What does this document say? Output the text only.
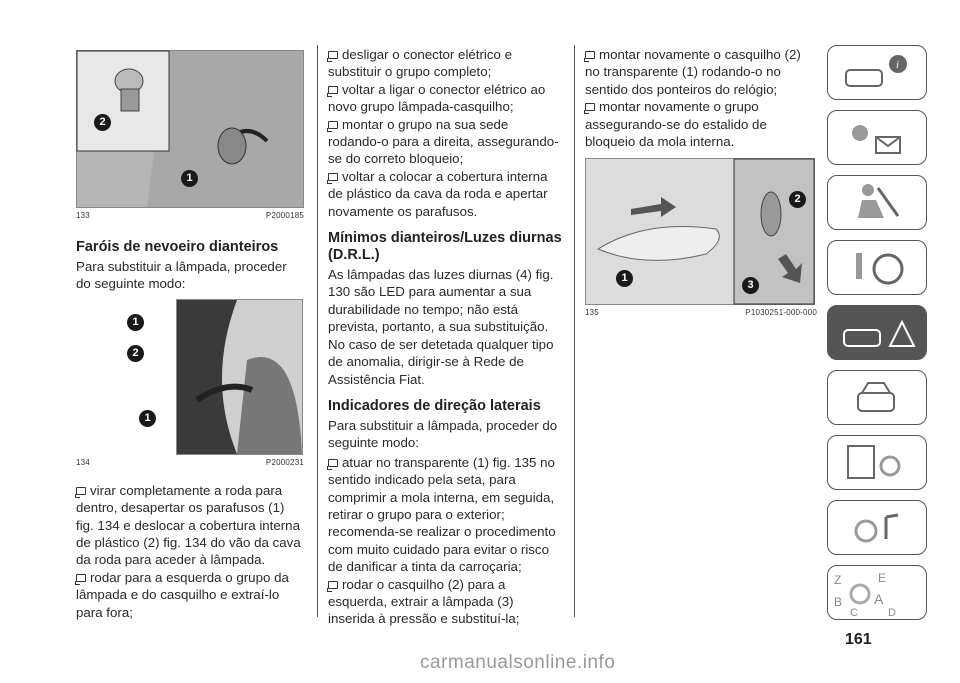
2
1
133	P2000185
Faróis de nevoeiro dianteiros

Para substituir a lâmpada, proceder do seguinte modo:

1
2
1
134	P2000231

virar completamente a roda para dentro, desapertar os parafusos (1) fig. 134 e deslocar a cobertura interna de plástico (2) fig. 134 do vão da cava da roda para aceder à lâmpada.

rodar para a esquerda o grupo da lâmpada e do casquilho e extraí-lo para fora;

desligar o conector elétrico e substituir o grupo completo;

voltar a ligar o conector elétrico ao novo grupo lâmpada-casquilho;

montar o grupo na sua sede rodando-o para a direita, assegurando-se do correto bloqueio;

voltar a colocar a cobertura interna de plástico da cava da roda e apertar novamente os parafusos.

Mínimos dianteiros/Luzes diurnas (D.R.L.)

As lâmpadas das luzes diurnas (4) fig. 130 são LED para aumentar a sua durabilidade no tempo; não está prevista, portanto, a sua substituição. No caso de ser detetada qualquer tipo de anomalia, dirigir-se à Rede de Assistência Fiat.

Indicadores de direção laterais

Para substituir a lâmpada, proceder do seguinte modo:

atuar no transparente (1) fig. 135 no sentido indicado pela seta, para comprimir a mola interna, em seguida, retirar o grupo para o exterior; recomenda-se realizar o procedimento com muito cuidado para evitar o risco de danificar a tinta da carroçaria;

rodar o casquilho (2) para a esquerda, extrair a lâmpada (3) inserida à pressão e substituí-la;

montar novamente o casquilho (2) no transparente (1) rodando-o no sentido dos ponteiros do relógio;

montar novamente o grupo assegurando-se do estalido de bloqueio da mola interna.

2
1
3
135	P1030251-000-000
i
Z	E
B A
C	D
161
carmanualsonline.info
